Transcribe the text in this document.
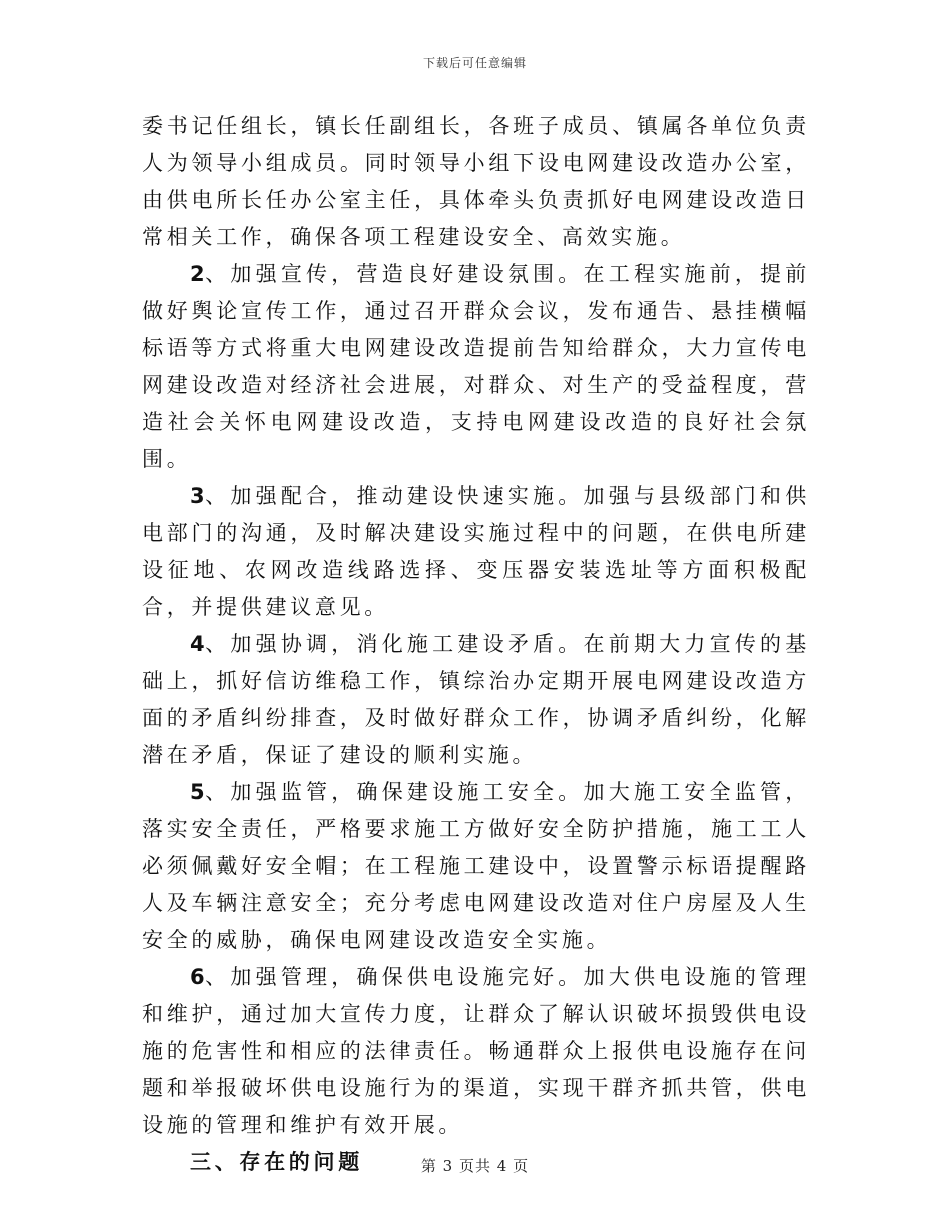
下载后可任意编辑

委书记任组长，镇长任副组长，各班子成员、镇属各单位负责人为领导小组成员。同时领导小组下设电网建设改造办公室，由供电所长任办公室主任，具体牵头负责抓好电网建设改造日常相关工作，确保各项工程建设安全、高效实施。

2、加强宣传，营造良好建设氛围。在工程实施前，提前做好舆论宣传工作，通过召开群众会议，发布通告、悬挂横幅标语等方式将重大电网建设改造提前告知给群众，大力宣传电网建设改造对经济社会进展，对群众、对生产的受益程度，营造社会关怀电网建设改造，支持电网建设改造的良好社会氛围。

3、加强配合，推动建设快速实施。加强与县级部门和供电部门的沟通，及时解决建设实施过程中的问题，在供电所建设征地、农网改造线路选择、变压器安装选址等方面积极配合，并提供建议意见。

4、加强协调，消化施工建设矛盾。在前期大力宣传的基础上，抓好信访维稳工作，镇综治办定期开展电网建设改造方面的矛盾纠纷排查，及时做好群众工作，协调矛盾纠纷，化解潜在矛盾，保证了建设的顺利实施。

5、加强监管，确保建设施工安全。加大施工安全监管，落实安全责任，严格要求施工方做好安全防护措施，施工工人必须佩戴好安全帽；在工程施工建设中，设置警示标语提醒路人及车辆注意安全；充分考虑电网建设改造对住户房屋及人生安全的威胁，确保电网建设改造安全实施。

6、加强管理，确保供电设施完好。加大供电设施的管理和维护，通过加大宣传力度，让群众了解认识破坏损毁供电设施的危害性和相应的法律责任。畅通群众上报供电设施存在问题和举报破坏供电设施行为的渠道，实现干群齐抓共管，供电设施的管理和维护有效开展。

三、存在的问题	第 3 页共 4 页
